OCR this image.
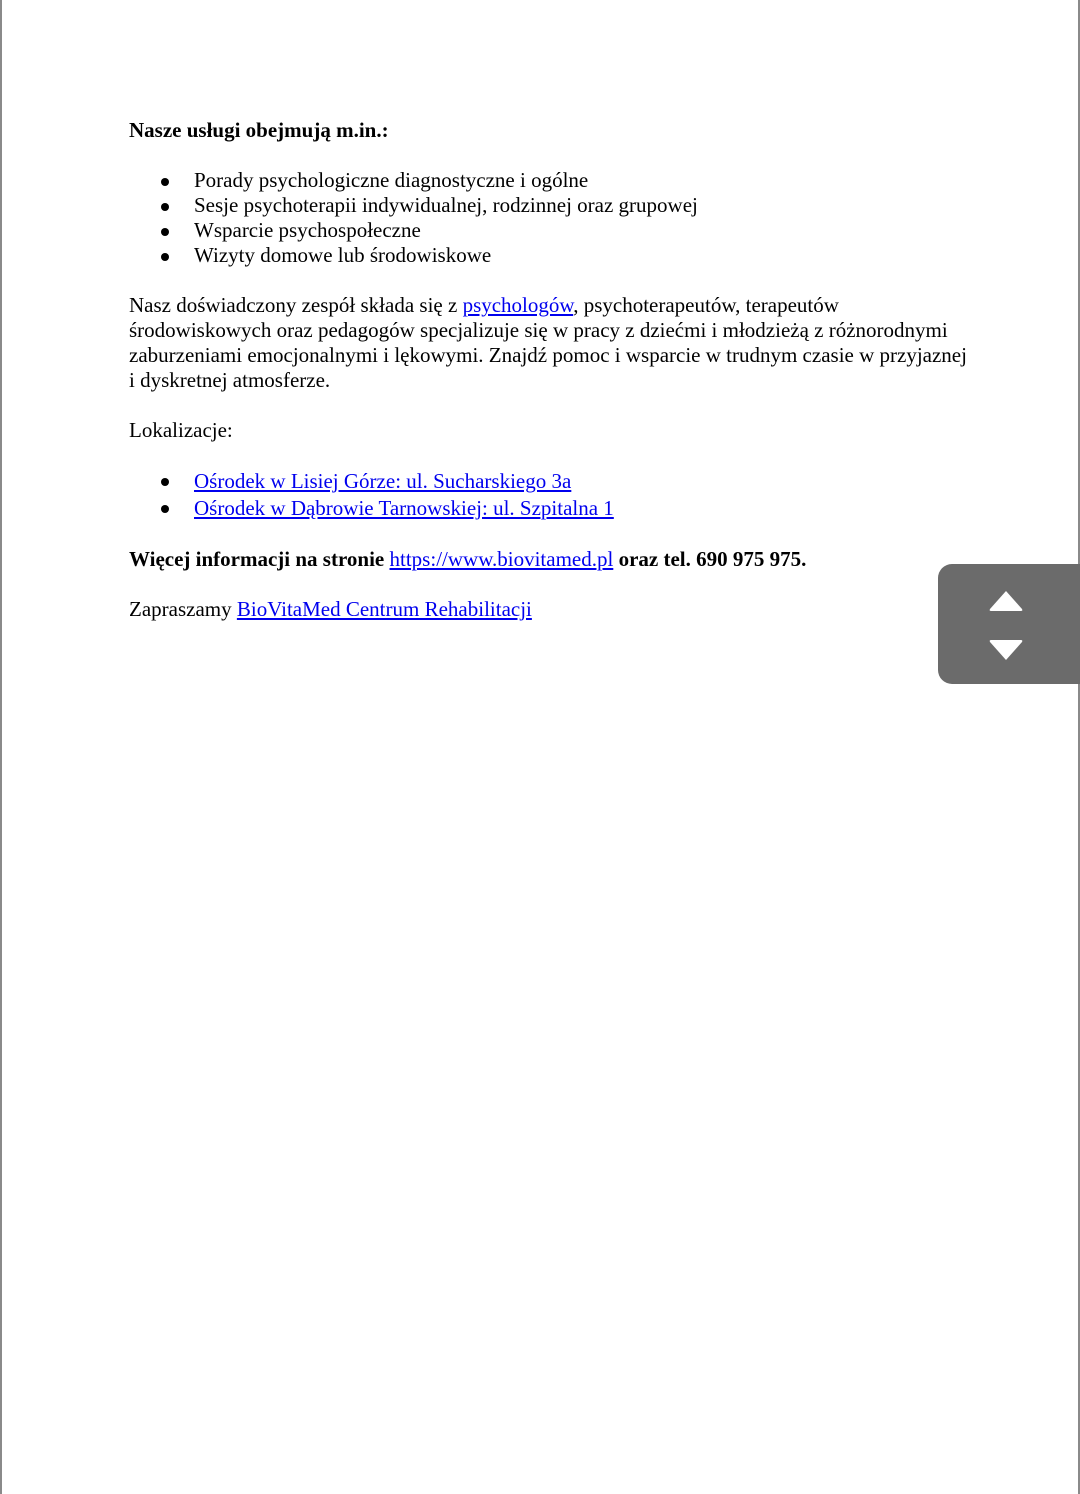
Nasze usługi obejmują m.in.:
Porady psychologiczne diagnostyczne i ogólne
Sesje psychoterapii indywidualnej, rodzinnej oraz grupowej
Wsparcie psychospołeczne
Wizyty domowe lub środowiskowe

Nasz doświadczony zespół składa się z psychologów, psychoterapeutów, terapeutów środowiskowych oraz pedagogów specjalizuje się w pracy z dziećmi i młodzieżą z różnorodnymi zaburzeniami emocjonalnymi i lękowymi. Znajdź pomoc i wsparcie w trudnym czasie w przyjaznej i dyskretnej atmosferze.

Lokalizacje:

Ośrodek w Lisiej Górze: ul. Sucharskiego 3a
Ośrodek w Dąbrowie Tarnowskiej: ul. Szpitalna 1

Więcej informacji na stronie https://www.biovitamed.pl oraz tel. 690 975 975.

Zapraszamy BioVitaMed Centrum Rehabilitacji
